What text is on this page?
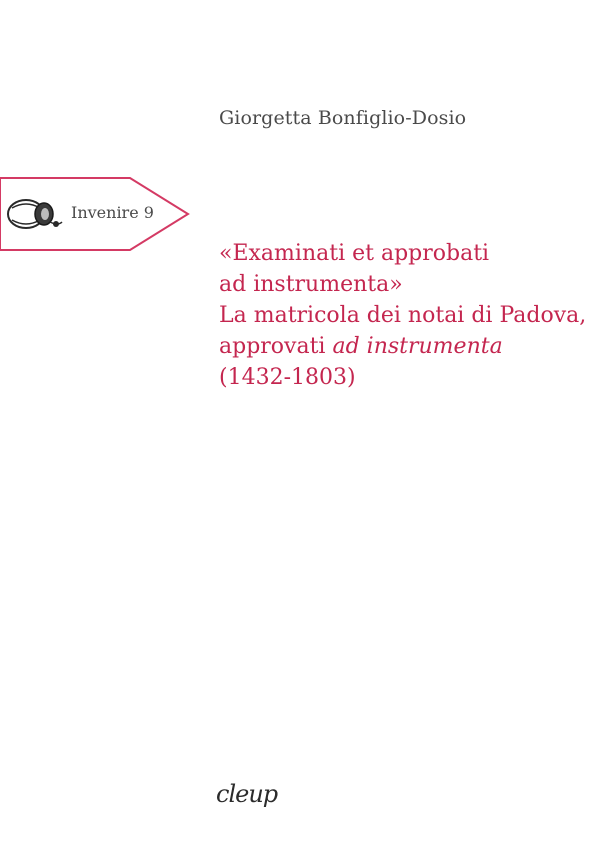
Giorgetta Bonfiglio-Dosio
Invenire 9
«Examinati et approbati
ad instrumenta»
La matricola dei notai di Padova,
approvati ad instrumenta
(1432-1803)
cleup
